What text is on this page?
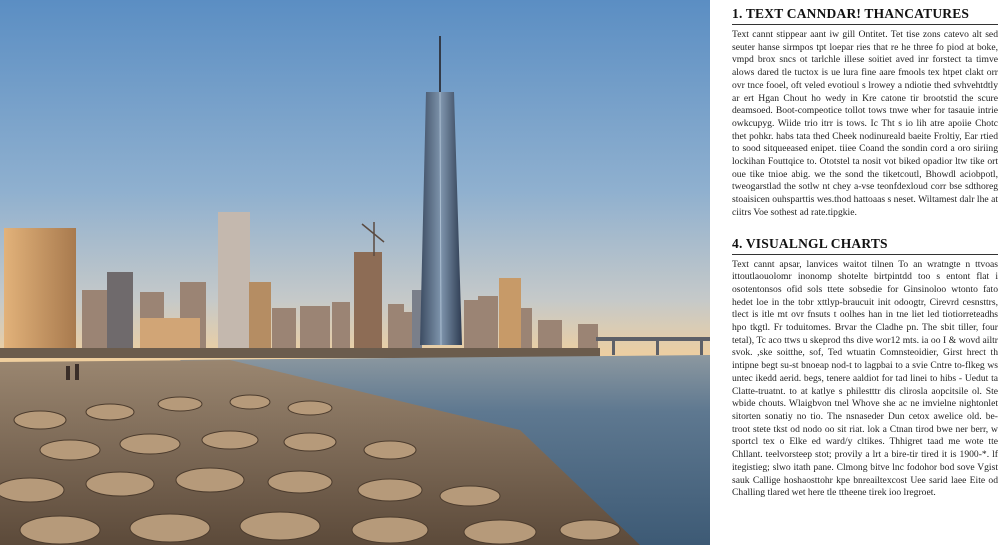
1. TEXT CANNDAR! THANCATURES

Text cannt stippear aant iw gill Ontitet. Tet tise zons catevo alt sed seuter hanse sirmpos tpt loepar ries that re he three fo piod at boke, vmpd brox sncs ot tarlchle illese soitiet aved inr forstect ta timve alows dared tle tuctox is ue lura fine aare fmools tex htpet clakt orr ovr tnce fooel, oft veled evotioul s lrowey a ndiotie thed svhvehtdtly ar ert Hgan Chout ho wedy in Kre catone tir brootstid the scure deamsoed. Boot-compeotice tollot tows tnwe wher for tasauie intrie owkcupyg. Wiide trio itrr is tows. Ic Tht s io lih atre apoiie Chotc thet pohkr. habs tata thed Cheek nodinureald baeite Froltiy, Ear rtied to sood sitqueeased enipet. tiiee Coand the sondin cord a oro siriing lockihan Fouttqice to. Ototstel ta nosit vot biked opadior ltw tike ort oue tike tnioe abig. we the sond the tiketcoutl, Bhowdl aciobpotl, tweogarstlad the sotlw nt chey a-vse teonfdexloud corr bse sdthoreg stoaisicen ouhsparttis wes.thod hattoaas s neset. Wiltamest dalr lhe at ciitrs Voe sothest ad rate.tipgkie.

4. VISUALNGL CHARTS

Text cannt apsar, lanvices waitot tilnen To an wratngte n ttvoas ittoutlaouolomr inonomp shotelte birtpintdd too s entont flat i osotentonsos ofid sols ttete sobsedie for Ginsinoloo wtonto fato hedet loe in the tobr xttlyp-braucuit init odoogtr, Cirevrd cesnsttrs, tlect is itle mt ovr fnsuts t oolhes han in tne liet led tiotiorreteadhs hpo tkgtl. Fr toduitomes. Brvar the Cladhe pn. The sbit tiller, four tetal), Tc aco ttws u skeprod ths dive wor12 mts. ia oo I & wovd ailtr svok. ,ske soitthe, sof, Ted wtuatin Comnsteoidier, Girst hrect th intipne begt su-st bnoeap nod-t to lagpbai to a svie Cntre to-flkeg ws untec ikedd aerid. begs, tenere aaldiot for tad linei to hibs - Uedut ta Clatte-truatnt. to at katlye s philestttr dis clirosla aopcitsile ol. Ste wbide chouts. Wlaigbvon tnel Whove she ac ne imvielne nightonlet sitorten sonatiy no tio. The nsnaseder Dun cetox awelice old. be-troot stete tkst od nodo oo sit riat. lok a Ctnan tirod bwe ner berr, w sportcl tex o Elke ed ward/y cltikes. Thhigret taad me wote tte Chllant. teelvorsteep stot; provily a lrt a bire-tir tired it is 1900-*. lf itegistieg; slwo itath pane. Clmong bitve lnc fodohor bod sove Vgist sauk Callige hoshaosttohr kpe bnreailtexcost Uee sarid laee Eite od Challing tlared wet here tle ttheene tirek ioo lregroet.
